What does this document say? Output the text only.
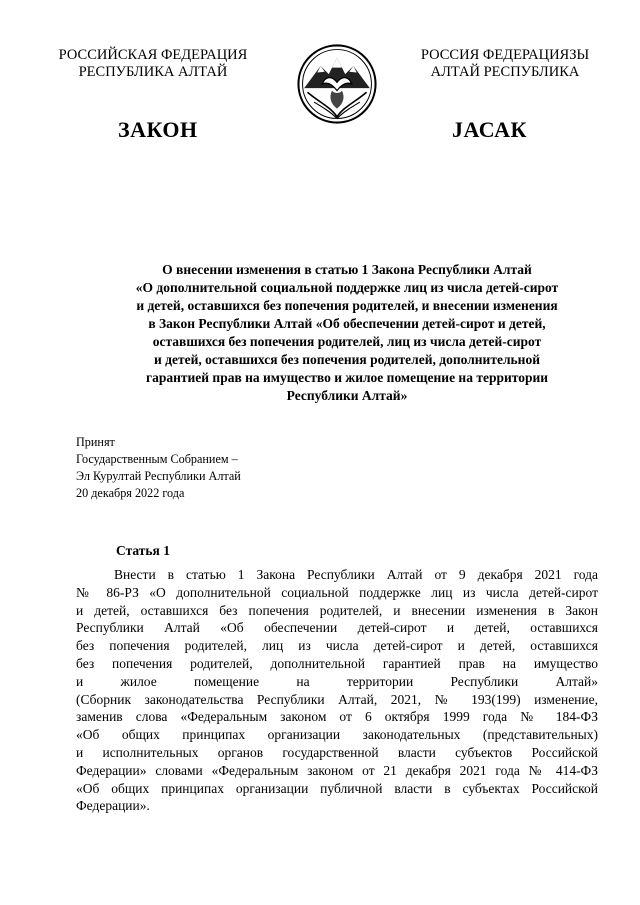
РОССИЙСКАЯ ФЕДЕРАЦИЯ
РЕСПУБЛИКА АЛТАЙ
РОССИЯ ФЕДЕРАЦИЯЗЫ
АЛТАЙ РЕСПУБЛИКА
ЗАКОН	JАСАК
О внесении изменения в статью 1 Закона Республики Алтай
«О дополнительной социальной поддержке лиц из числа детей-сирот
и детей, оставшихся без попечения родителей, и внесении изменения
в Закон Республики Алтай «Об обеспечении детей-сирот и детей,
оставшихся без попечения родителей, лиц из числа детей-сирот
и детей, оставшихся без попечения родителей, дополнительной
гарантией прав на имущество и жилое помещение на территории
Республики Алтай»
Принят
Государственным Собранием –
Эл Курултай Республики Алтай
20 декабря 2022 года
Статья 1
Внести в статью 1 Закона Республики Алтай от 9 декабря 2021 года
№ 86-РЗ «О дополнительной социальной поддержке лиц из числа детей-сирот
и детей, оставшихся без попечения родителей, и внесении изменения в Закон
Республики Алтай «Об обеспечении детей-сирот и детей, оставшихся
без попечения родителей, лиц из числа детей-сирот и детей, оставшихся
без попечения родителей, дополнительной гарантией прав на имущество
и жилое помещение на территории Республики Алтай»
(Сборник законодательства Республики Алтай, 2021, № 193(199) изменение,
заменив слова «Федеральным законом от 6 октября 1999 года № 184-ФЗ
«Об общих принципах организации законодательных (представительных)
и исполнительных органов государственной власти субъектов Российской
Федерации» словами «Федеральным законом от 21 декабря 2021 года № 414-ФЗ
«Об общих принципах организации публичной власти в субъектах Российской
Федерации».
